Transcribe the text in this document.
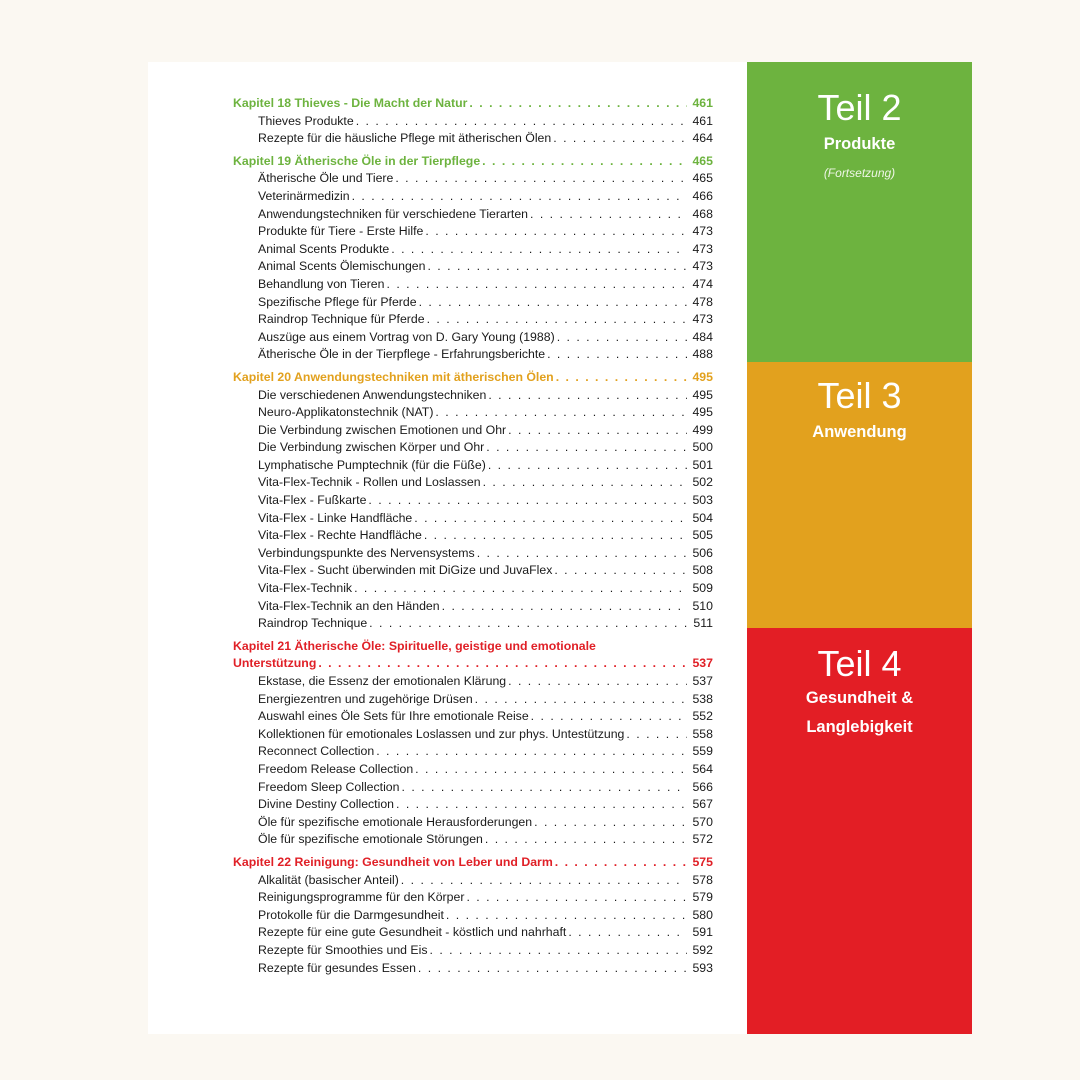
Teil 2
Produkte
(Fortsetzung)
Teil 3
Anwendung
Teil 4
Gesundheit &
Langlebigkeit
Kapitel 18 Thieves - Die Macht der Natur . . .	461
Thieves Produkte . . .	461
Rezepte für die häusliche Pflege mit ätherischen Ölen . . .	464
Kapitel 19 Ätherische Öle in der Tierpflege . . .	465
Ätherische Öle und Tiere . . .	465
Veterinärmedizin . . .	466
Anwendungstechniken für verschiedene Tierarten . . .	468
Produkte für Tiere - Erste Hilfe . . .	473
Animal Scents Produkte . . .	473
Animal Scents Ölemischungen . . .	473
Behandlung von Tieren . . .	474
Spezifische Pflege für Pferde . . .	478
Raindrop Technique für Pferde . . .	473
Auszüge aus einem Vortrag von D. Gary Young (1988) . . .	484
Ätherische Öle in der Tierpflege - Erfahrungsberichte . . .	488
Kapitel 20 Anwendungstechniken mit ätherischen Ölen . . .	495
Die verschiedenen Anwendungstechniken . . .	495
Neuro-Applikatonstechnik (NAT) . . .	495
Die Verbindung zwischen Emotionen und Ohr . . .	499
Die Verbindung zwischen Körper und Ohr . . .	500
Lymphatische Pumptechnik (für die Füße) . . .	501
Vita-Flex-Technik - Rollen und Loslassen . . .	502
Vita-Flex - Fußkarte . . .	503
Vita-Flex - Linke Handfläche . . .	504
Vita-Flex - Rechte Handfläche . . .	505
Verbindungspunkte des Nervensystems . . .	506
Vita-Flex - Sucht überwinden mit DiGize und JuvaFlex . . .	508
Vita-Flex-Technik . . .	509
Vita-Flex-Technik an den Händen . . .	510
Raindrop Technique . . .	511
Kapitel 21 Ätherische Öle: Spirituelle, geistige und emotionale
Unterstützung . . .	537
Ekstase, die Essenz der emotionalen Klärung . . .	537
Energiezentren und zugehörige Drüsen . . .	538
Auswahl eines Öle Sets für Ihre emotionale Reise . . .	552
Kollektionen für emotionales Loslassen und zur phys. Untestützung . . .	558
Reconnect Collection . . .	559
Freedom Release Collection . . .	564
Freedom Sleep Collection . . .	566
Divine Destiny Collection . . .	567
Öle für spezifische emotionale Herausforderungen . . .	570
Öle für spezifische emotionale Störungen . . .	572
Kapitel 22 Reinigung: Gesundheit von Leber und Darm . . .	575
Alkalität (basischer Anteil) . . .	578
Reinigungsprogramme für den Körper . . .	579
Protokolle für die Darmgesundheit . . .	580
Rezepte für eine gute Gesundheit - köstlich und nahrhaft . . .	591
Rezepte für Smoothies und Eis . . .	592
Rezepte für gesundes Essen . . .	593
